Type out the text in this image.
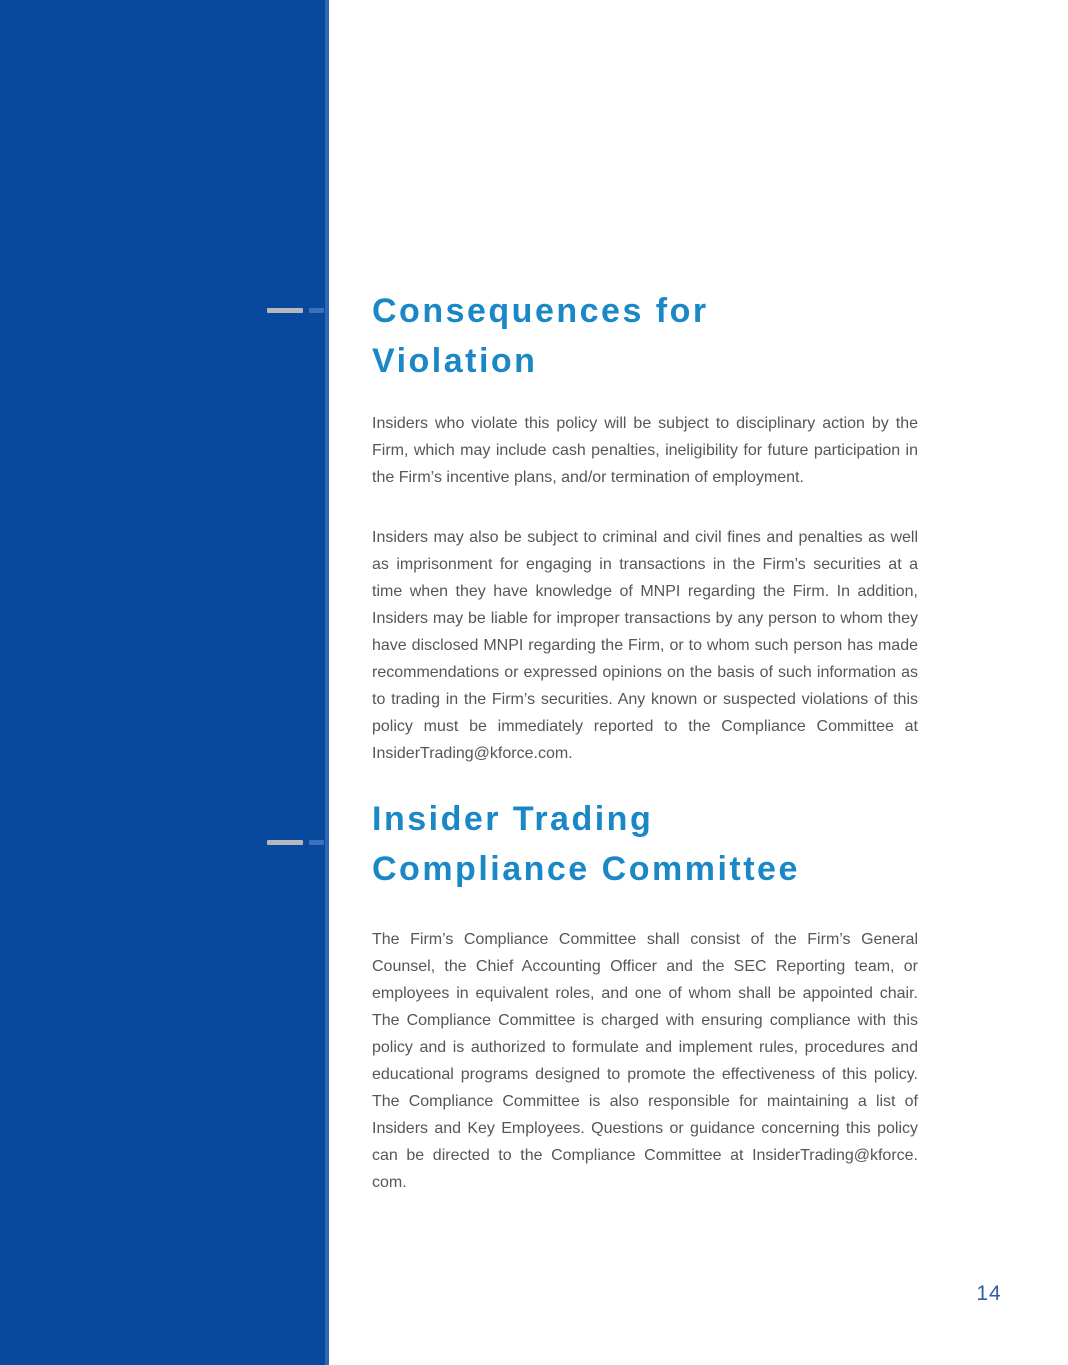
Consequences for
Violation

Insiders who violate this policy will be subject to disciplinary action by the Firm, which may include cash penalties, ineligibility for future participation in the Firm’s incentive plans, and/or termination of employment.

Insiders may also be subject to criminal and civil fines and penalties as well as imprisonment for engaging in transactions in the Firm’s securities at a time when they have knowledge of MNPI regarding the Firm. In addition, Insiders may be liable for improper transactions by any person to whom they have disclosed MNPI regarding the Firm, or to whom such person has made recommendations or expressed opinions on the basis of such information as to trading in the Firm’s securities. Any known or suspected violations of this policy must be immediately reported to the Compliance Committee at InsiderTrading@kforce.com.

Insider Trading
Compliance Committee

The Firm’s Compliance Committee shall consist of the Firm’s General Counsel, the Chief Accounting Officer and the SEC Reporting team, or employees in equivalent roles, and one of whom shall be appointed chair. The Compliance Committee is charged with ensuring compliance with this policy and is authorized to formulate and implement rules, procedures and educational programs designed to promote the effectiveness of this policy. The Compliance Committee is also responsible for maintaining a list of Insiders and Key Employees. Questions or guidance concerning this policy can be directed to the Compliance Committee at InsiderTrading@kforce.​com.

14
